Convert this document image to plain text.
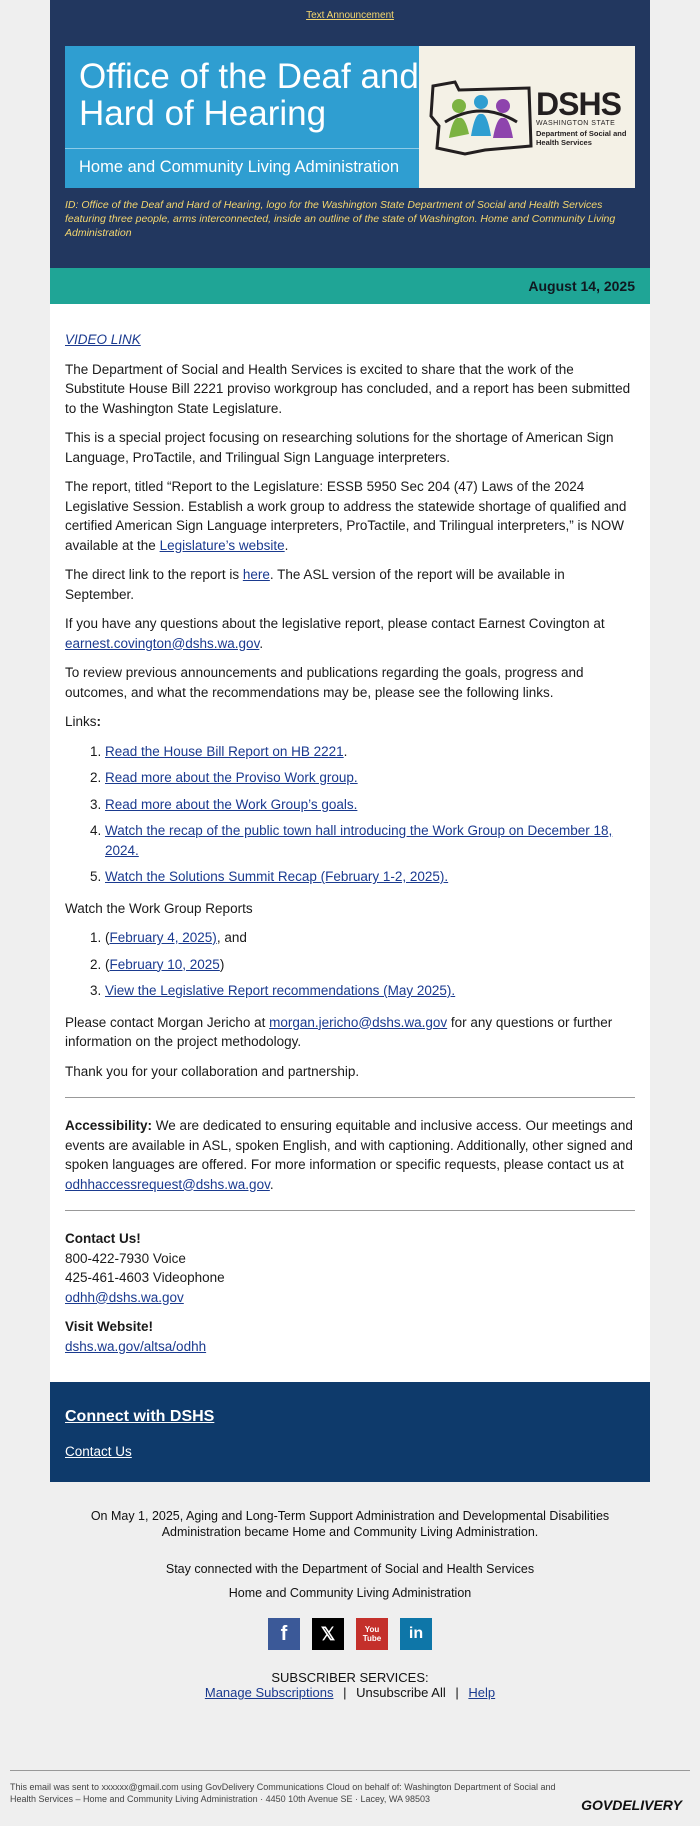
Text Announcement
Office of the Deaf and Hard of Hearing
Home and Community Living Administration
DSHS
WASHINGTON STATE
Department of Social and Health Services
ID: Office of the Deaf and Hard of Hearing, logo for the Washington State Department of Social and Health Services featuring three people, arms interconnected, inside an outline of the state of Washington. Home and Community Living Administration
August 14, 2025

VIDEO LINK

The Department of Social and Health Services is excited to share that the work of the Substitute House Bill 2221 proviso workgroup has concluded, and a report has been submitted to the Washington State Legislature.

This is a special project focusing on researching solutions for the shortage of American Sign Language, ProTactile, and Trilingual Sign Language interpreters.

The report, titled “Report to the Legislature: ESSB 5950 Sec 204 (47) Laws of the 2024 Legislative Session. Establish a work group to address the statewide shortage of qualified and certified American Sign Language interpreters, ProTactile, and Trilingual interpreters,” is NOW available at the Legislature’s website.

The direct link to the report is here. The ASL version of the report will be available in September.

If you have any questions about the legislative report, please contact Earnest Covington at earnest.covington@dshs.wa.gov.

To review previous announcements and publications regarding the goals, progress and outcomes, and what the recommendations may be, please see the following links.

Links:

1. Read the House Bill Report on HB 2221.
2. Read more about the Proviso Work group.
3. Read more about the Work Group’s goals.
4. Watch the recap of the public town hall introducing the Work Group on December 18, 2024.
5. Watch the Solutions Summit Recap (February 1-2, 2025).

Watch the Work Group Reports

1. (February 4, 2025), and
2. (February 10, 2025)
3. View the Legislative Report recommendations (May 2025).

Please contact Morgan Jericho at morgan.jericho@dshs.wa.gov for any questions or further information on the project methodology.

Thank you for your collaboration and partnership.

Accessibility: We are dedicated to ensuring equitable and inclusive access. Our meetings and events are available in ASL, spoken English, and with captioning. Additionally, other signed and spoken languages are offered. For more information or specific requests, please contact us at odhhaccessrequest@dshs.wa.gov.

Contact Us!
800-422-7930 Voice
425-461-4603 Videophone
odhh@dshs.wa.gov
Visit Website!
dshs.wa.gov/altsa/odhh
Connect with DSHS
Contact Us

On May 1, 2025, Aging and Long-Term Support Administration and Developmental Disabilities Administration became Home and Community Living Administration.

Stay connected with the Department of Social and Health Services

Home and Community Living Administration

f	𝕏	You Tube	in

SUBSCRIBER SERVICES:

Manage Subscriptions | Unsubscribe All | Help

This email was sent to xxxxxx@gmail.com using GovDelivery Communications Cloud on behalf of: Washington Department of Social and Health Services – Home and Community Living Administration · 4450 10th Avenue SE · Lacey, WA 98503	GOVDELIVERY
